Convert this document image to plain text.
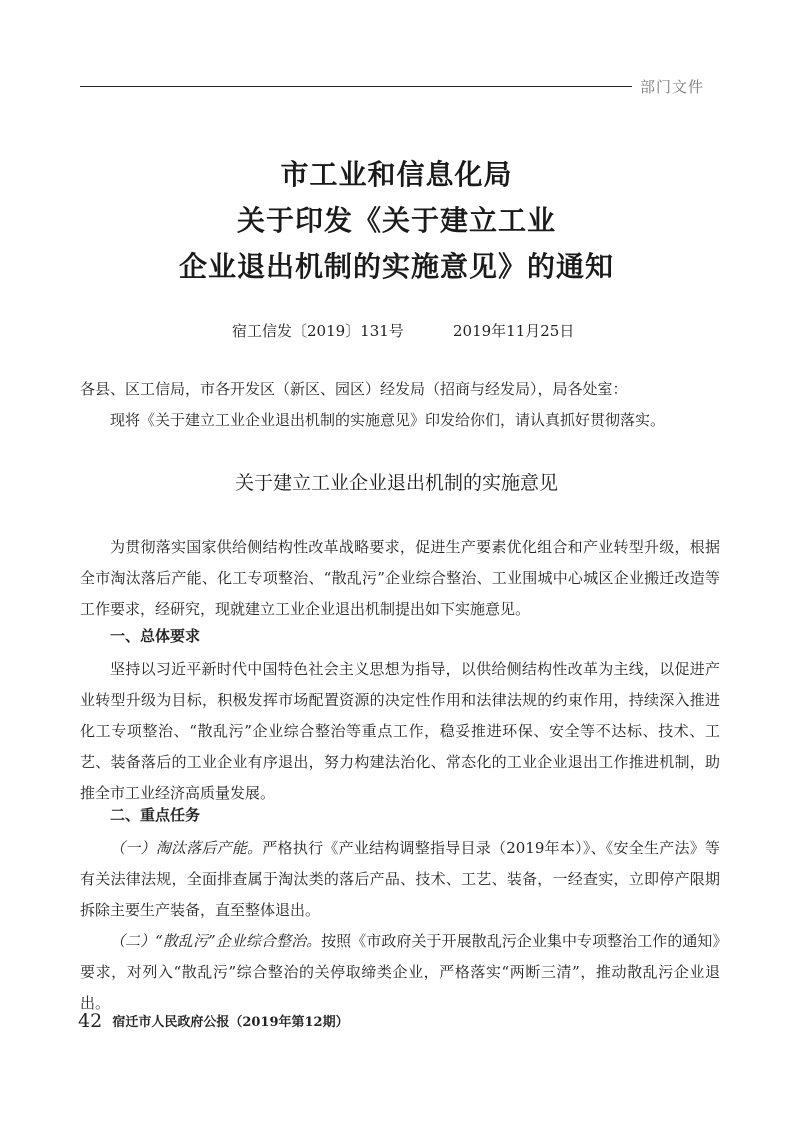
部门文件
市工业和信息化局
关于印发《关于建立工业
企业退出机制的实施意见》的通知
宿工信发〔2019〕131号	2019年11月25日

各县、区工信局，市各开发区（新区、园区）经发局（招商与经发局），局各处室：

现将《关于建立工业企业退出机制的实施意见》印发给你们，请认真抓好贯彻落实。

关于建立工业企业退出机制的实施意见

为贯彻落实国家供给侧结构性改革战略要求，促进生产要素优化组合和产业转型升级，根据全市淘汰落后产能、化工专项整治、“散乱污”企业综合整治、工业围城中心城区企业搬迁改造等工作要求，经研究，现就建立工业企业退出机制提出如下实施意见。

一、总体要求

坚持以习近平新时代中国特色社会主义思想为指导，以供给侧结构性改革为主线，以促进产业转型升级为目标，积极发挥市场配置资源的决定性作用和法律法规的约束作用，持续深入推进化工专项整治、“散乱污”企业综合整治等重点工作，稳妥推进环保、安全等不达标、技术、工艺、装备落后的工业企业有序退出，努力构建法治化、常态化的工业企业退出工作推进机制，助推全市工业经济高质量发展。

二、重点任务

（一）淘汰落后产能。严格执行《产业结构调整指导目录（2019年本）》、《安全生产法》等有关法律法规，全面排查属于淘汰类的落后产品、技术、工艺、装备，一经查实，立即停产限期拆除主要生产装备，直至整体退出。

（二）“散乱污”企业综合整治。按照《市政府关于开展散乱污企业集中专项整治工作的通知》要求，对列入“散乱污”综合整治的关停取缔类企业，严格落实“两断三清”，推动散乱污企业退出。

42 宿迁市人民政府公报（2019年第12期）
